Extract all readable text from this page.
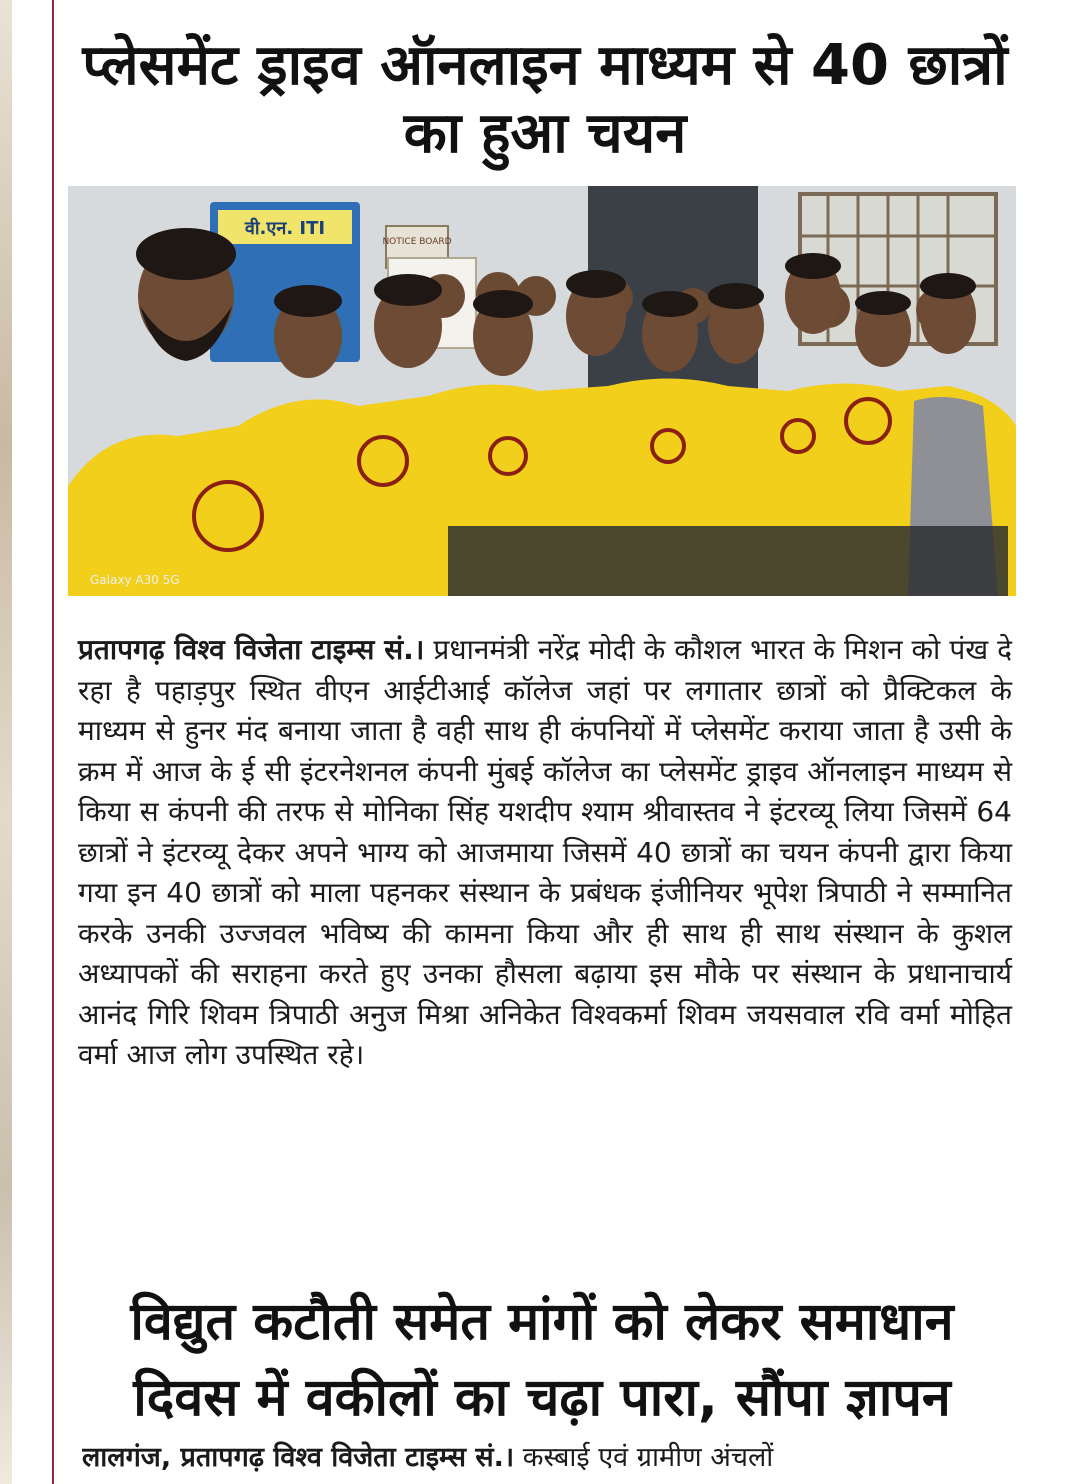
प्लेसमेंट ड्राइव ऑनलाइन माध्यम से 40 छात्रों
का हुआ चयन
वी.एन. ITI
NOTICE BOARD
Galaxy A30 5G

प्रतापगढ़ विश्व विजेता टाइम्स सं.। प्रधानमंत्री नरेंद्र मोदी के कौशल भारत के मिशन को पंख दे रहा है पहाड़पुर स्थित वीएन आईटीआई कॉलेज जहां पर लगातार छात्रों को प्रैक्टिकल के माध्यम से हुनर मंद बनाया जाता है वही साथ ही कंपनियों में प्लेसमेंट कराया जाता है उसी के क्रम में आज के ई सी इंटरनेशनल कंपनी मुंबई कॉलेज का प्लेसमेंट ड्राइव ऑनलाइन माध्यम से किया स कंपनी की तरफ से मोनिका सिंह यशदीप श्याम श्रीवास्तव ने इंटरव्यू लिया जिसमें 64 छात्रों ने इंटरव्यू देकर अपने भाग्य को आजमाया जिसमें 40 छात्रों का चयन कंपनी द्वारा किया गया इन 40 छात्रों को माला पहनकर संस्थान के प्रबंधक इंजीनियर भूपेश त्रिपाठी ने सम्मानित करके उनकी उज्जवल भविष्य की कामना किया और ही साथ ही साथ संस्थान के कुशल अध्यापकों की सराहना करते हुए उनका हौसला बढ़ाया इस मौके पर संस्थान के प्रधानाचार्य आनंद गिरि शिवम त्रिपाठी अनुज मिश्रा अनिकेत विश्वकर्मा शिवम जयसवाल रवि वर्मा मोहित वर्मा आज लोग उपस्थित रहे।

विद्युत कटौती समेत मांगों को लेकर समाधान
दिवस में वकीलों का चढ़ा पारा, सौंपा ज्ञापन

लालगंज, प्रतापगढ़ विश्व विजेता टाइम्स सं.। कस्बाई एवं ग्रामीण अंचलों
